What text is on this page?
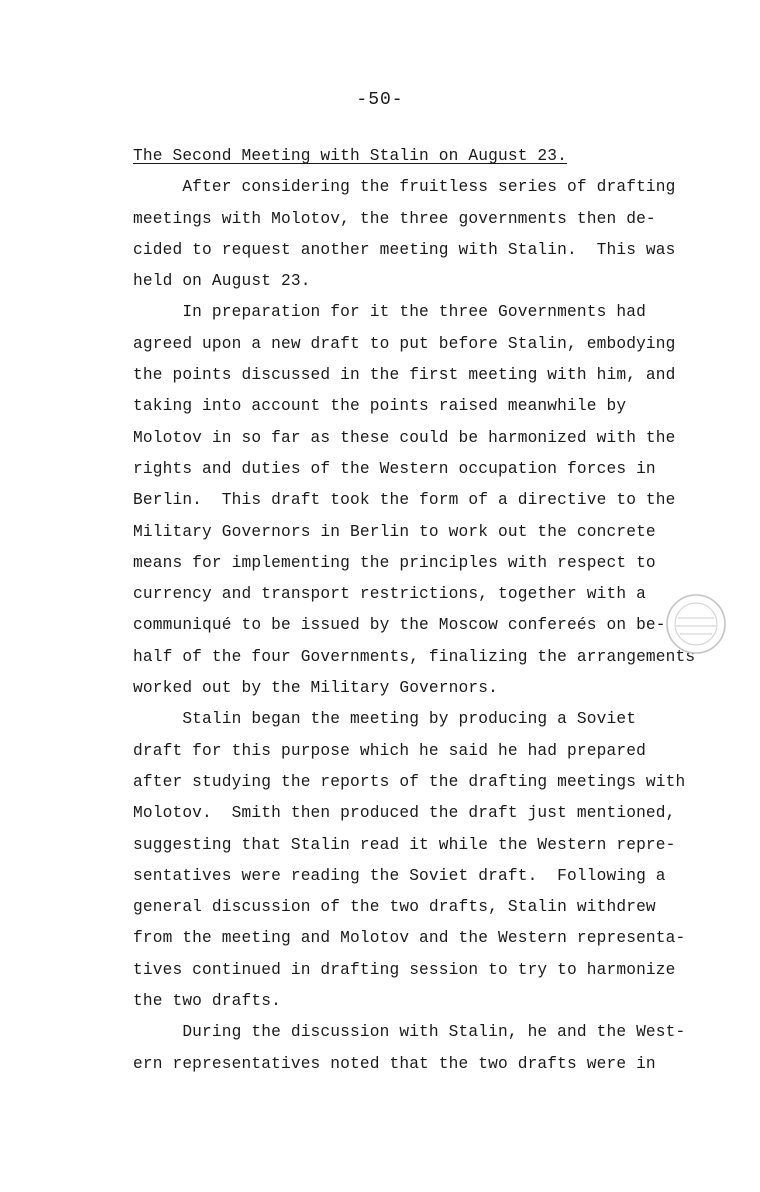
-50-
The Second Meeting with Stalin on August 23.
After considering the fruitless series of drafting
meetings with Molotov, the three governments then de-
cided to request another meeting with Stalin.  This was
held on August 23.
In preparation for it the three Governments had
agreed upon a new draft to put before Stalin, embodying
the points discussed in the first meeting with him, and
taking into account the points raised meanwhile by
Molotov in so far as these could be harmonized with the
rights and duties of the Western occupation forces in
Berlin.  This draft took the form of a directive to the
Military Governors in Berlin to work out the concrete
means for implementing the principles with respect to
currency and transport restrictions, together with a
communiqué to be issued by the Moscow confereés on be-
half of the four Governments, finalizing the arrangements
worked out by the Military Governors.
Stalin began the meeting by producing a Soviet
draft for this purpose which he said he had prepared
after studying the reports of the drafting meetings with
Molotov.  Smith then produced the draft just mentioned,
suggesting that Stalin read it while the Western repre-
sentatives were reading the Soviet draft.  Following a
general discussion of the two drafts, Stalin withdrew
from the meeting and Molotov and the Western representa-
tives continued in drafting session to try to harmonize
the two drafts.
During the discussion with Stalin, he and the West-
ern representatives noted that the two drafts were in
